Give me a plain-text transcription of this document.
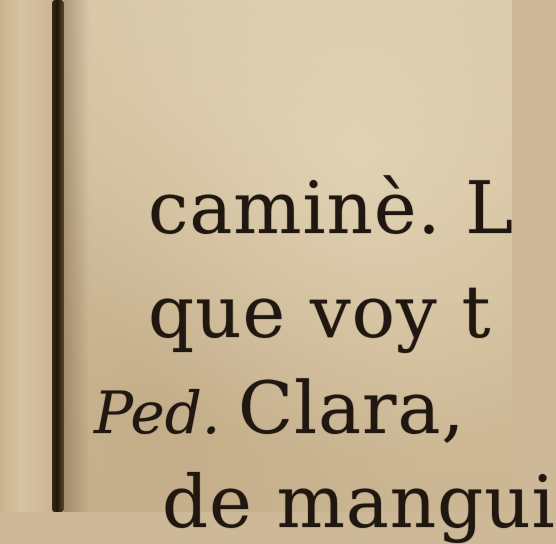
caminè. L
que voy t
Ped. Clara,
de mangui
